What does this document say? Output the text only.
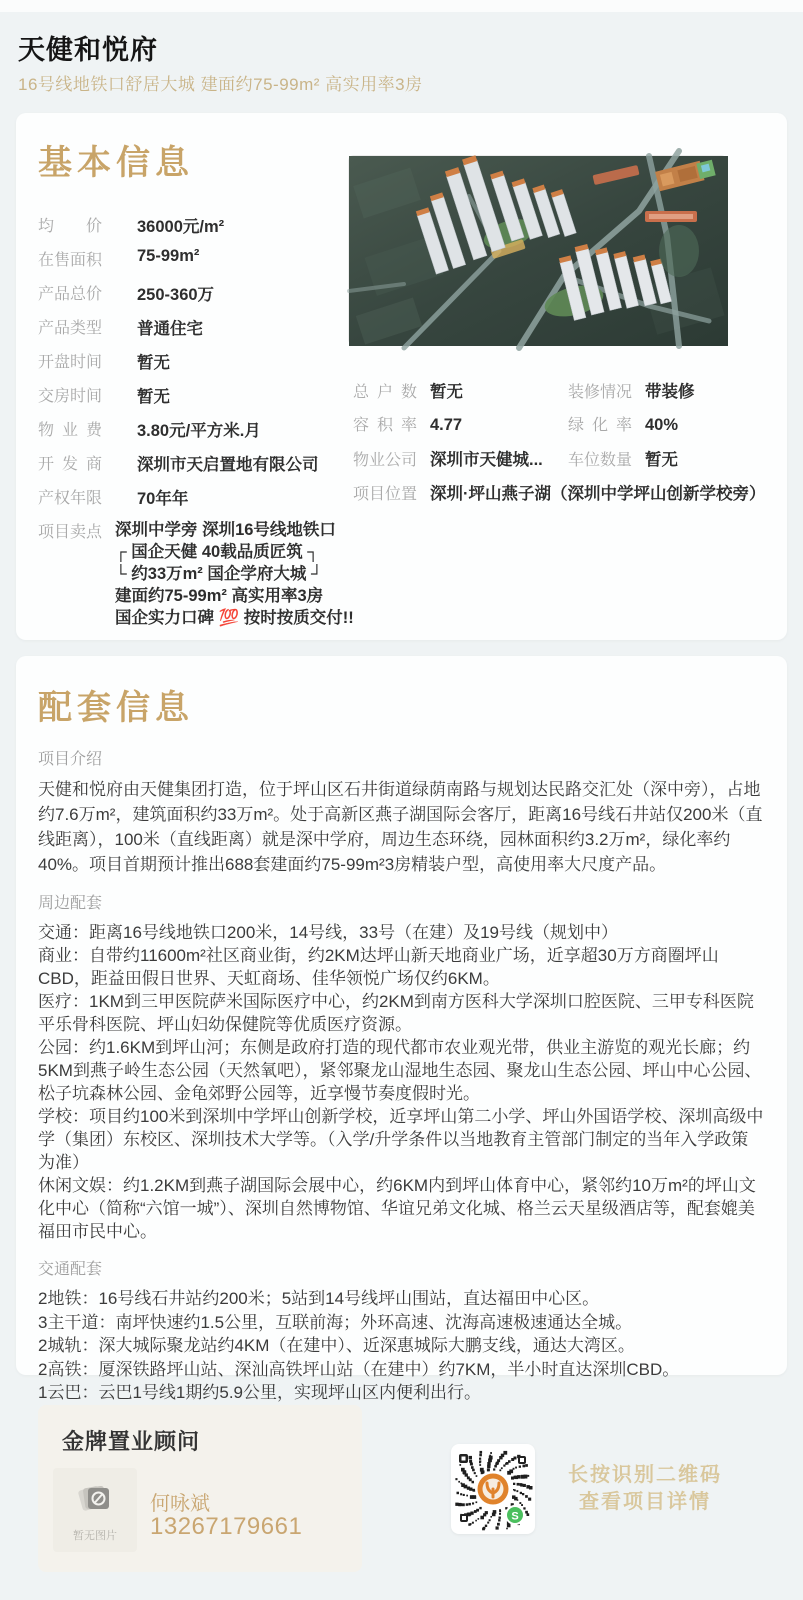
天健和悦府
16号线地铁口舒居大城 建面约75-99m² 高实用率3房
基本信息
均价 36000元/m²
在售面积 75-99m²
产品总价 250-360万
产品类型 普通住宅
开盘时间 暂无
交房时间 暂无
物业费 3.80元/平方米.月
开发商 深圳市天启置地有限公司
产权年限 70年年
项目卖点 深圳中学旁 深圳16号线地铁口
┌ 国企天健 40载品质匠筑 ┐
└ 约33万m² 国企学府大城 ┘
建面约75-99m² 高实用率3房
国企实力口碑 💯 按时按质交付!!
总户数 暂无	装修情况 带装修
容积率 4.77	绿化率 40%
物业公司 深圳市天健城... 车位数量 暂无
项目位置 深圳·坪山燕子湖（深圳中学坪山创新学校旁）
配套信息
项目介绍
天健和悦府由天健集团打造，位于坪山区石井街道绿荫南路与规划达民路交汇处（深中旁），占地约7.6万m²，建筑面积约33万m²。处于高新区燕子湖国际会客厅，距离16号线石井站仅200米（直线距离），100米（直线距离）就是深中学府，周边生态环绕，园林面积约3.2万m²，绿化率约40%。项目首期预计推出688套建面约75-99m²3房精装户型，高使用率大尺度产品。
周边配套
交通：距离16号线地铁口200米，14号线，33号（在建）及19号线（规划中）
商业：自带约11600m²社区商业街，约2KM达坪山新天地商业广场，近享超30万方商圈坪山CBD，距益田假日世界、天虹商场、佳华领悦广场仅约6KM。
医疗：1KM到三甲医院萨米国际医疗中心，约2KM到南方医科大学深圳口腔医院、三甲专科医院平乐骨科医院、坪山妇幼保健院等优质医疗资源。
公园：约1.6KM到坪山河；东侧是政府打造的现代都市农业观光带，供业主游览的观光长廊；约5KM到燕子岭生态公园（天然氧吧），紧邻聚龙山湿地生态园、聚龙山生态公园、坪山中心公园、松子坑森林公园、金龟郊野公园等，近享慢节奏度假时光。
学校：项目约100米到深圳中学坪山创新学校，近享坪山第二小学、坪山外国语学校、深圳高级中学（集团）东校区、深圳技术大学等。（入学/升学条件以当地教育主管部门制定的当年入学政策为准）
休闲文娱：约1.2KM到燕子湖国际会展中心，约6KM内到坪山体育中心，紧邻约10万m²的坪山文化中心（简称“六馆一城”）、深圳自然博物馆、华谊兄弟文化城、格兰云天星级酒店等，配套媲美福田市民中心。
交通配套
2地铁：16号线石井站约200米；5站到14号线坪山围站，直达福田中心区。
3主干道：南坪快速约1.5公里，互联前海；外环高速、沈海高速极速通达全城。
2城轨：深大城际聚龙站约4KM（在建中）、近深惠城际大鹏支线，通达大湾区。
2高铁：厦深铁路坪山站、深汕高铁坪山站（在建中）约7KM，半小时直达深圳CBD。
1云巴：云巴1号线1期约5.9公里，实现坪山区内便利出行。
金牌置业顾问
暂无图片
何咏斌
13267179661	S
长按识别二维码
查看项目详情
